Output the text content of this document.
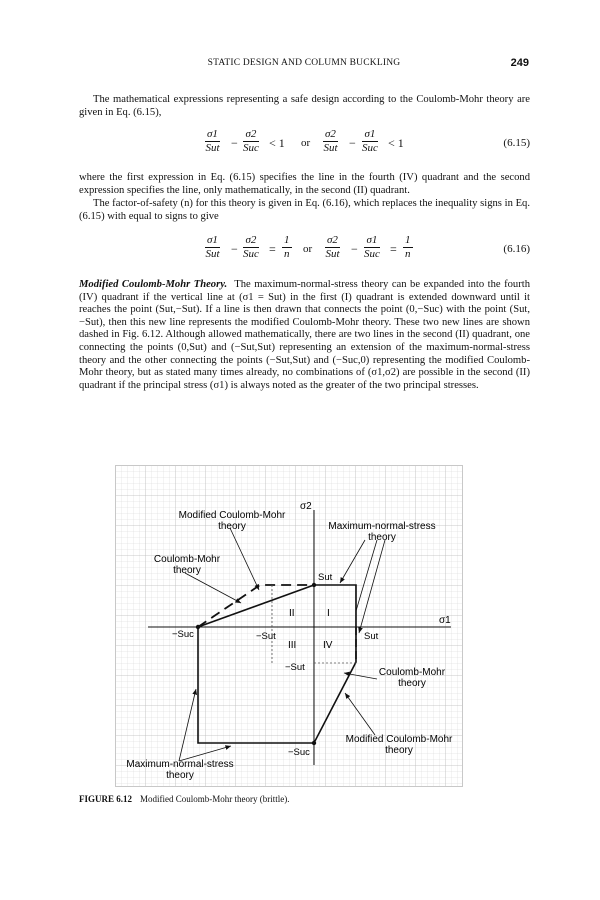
STATIC DESIGN AND COLUMN BUCKLING	249

The mathematical expressions representing a safe design according to the Coulomb-Mohr theory are given in Eq. (6.15),

σ1
Sut −
σ2
Suc < 1 or
σ2
Sut −
σ1
Suc < 1	(6.15)

where the first expression in Eq. (6.15) specifies the line in the fourth (IV) quadrant and the second expression specifies the line, only mathematically, in the second (II) quadrant.

The factor-of-safety (n) for this theory is given in Eq. (6.16), which replaces the inequality signs in Eq. (6.15) with equal to signs to give

σ1
Sut −
σ2
Suc = $\frac{1}{n}$ or
σ2
Sut −
σ1
Suc = $\frac{1}{n}$	(6.16)

Modified Coulomb-Mohr Theory. The maximum-normal-stress theory can be expanded into the fourth (IV) quadrant if the vertical line at (σ1 = Sut) in the first (I) quadrant is extended downward until it reaches the point (Sut,−Sut). If a line is then drawn that connects the point (0,−Suc) with the point (Sut,−Sut), then this new line represents the modified Coulomb-Mohr theory. These two new lines are shown dashed in Fig. 6.12. Although allowed mathematically, there are two lines in the second (II) quadrant, one connecting the points (0,Sut) and (−Sut,Sut) representing an extension of the maximum-normal-stress theory and the other connecting the points (−Sut,Sut) and (−Suc,0) representing the modified Coulomb-Mohr theory, but as stated many times already, no combinations of (σ1,σ2) are possible in the second (II) quadrant if the principal stress (σ1) is always noted as the greater of the two principal stresses.

σ2
σ1
Modified Coulomb-Mohr
theory	Maximum-normal-stress
theory
Coulomb-Mohr
theory
Coulomb-Mohr
theory
Modified Coulomb-Mohr
theory
Maximum-normal-stress
theory
−Suc	−Sut	Sut
Sut
−Sut
−Suc
I
II
III	IV
FIGURE 6.12 Modified Coulomb-Mohr theory (brittle).
